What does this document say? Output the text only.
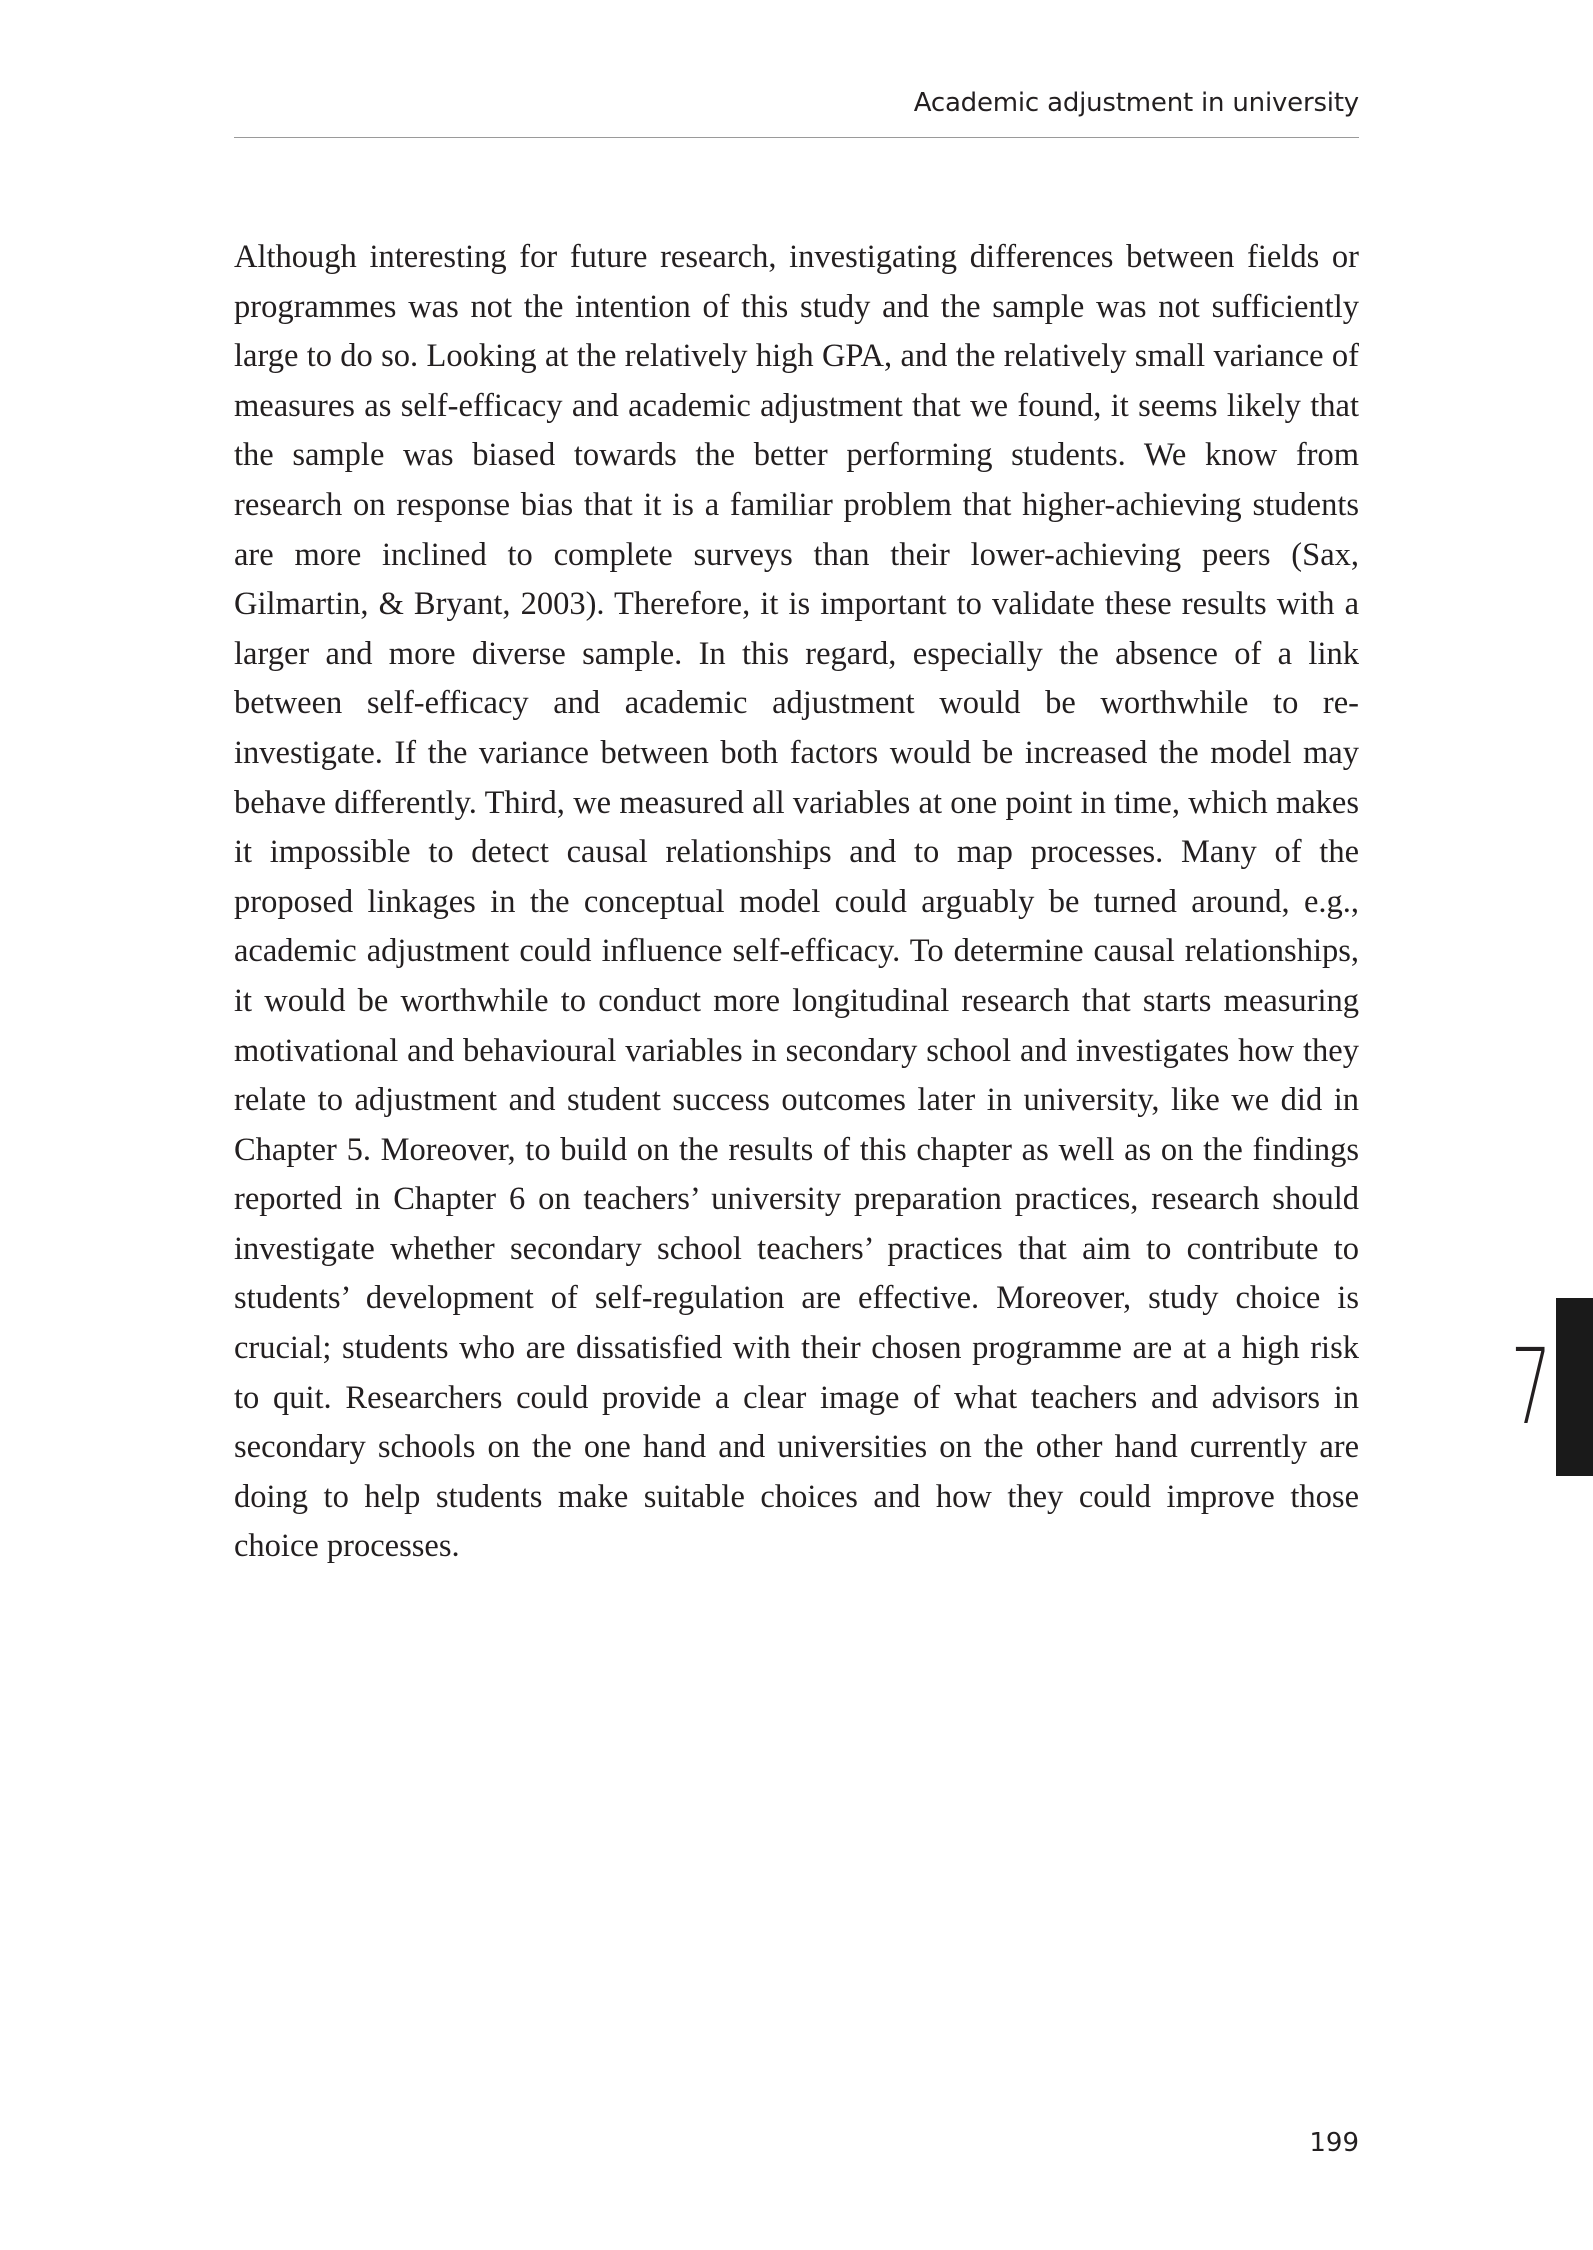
Academic adjustment in university

Although interesting for future research, investigating differences between fields or programmes was not the intention of this study and the sample was not sufficiently large to do so. Looking at the relatively high GPA, and the relatively small variance of measures as self-efficacy and academic adjustment that we found, it seems likely that the sample was biased towards the better performing students. We know from research on response bias that it is a familiar problem that higher-achieving students are more inclined to complete surveys than their lower-achieving peers (Sax, Gilmartin, & Bryant, 2003). Therefore, it is important to validate these results with a larger and more diverse sample. In this regard, especially the absence of a link between self-efficacy and academic adjustment would be worthwhile to re-investigate. If the variance between both factors would be increased the model may behave differently. Third, we measured all variables at one point in time, which makes it impossible to detect causal relationships and to map processes. Many of the proposed linkages in the conceptual model could arguably be turned around, e.g., academic adjustment could influence self-efficacy. To determine causal relationships, it would be worthwhile to conduct more longitudinal research that starts measuring motivational and behavioural variables in secondary school and investigates how they relate to adjustment and student success outcomes later in university, like we did in Chapter 5. Moreover, to build on the results of this chapter as well as on the findings reported in Chapter 6 on teachers’ university preparation practices, research should investigate whether secondary school teachers’ practices that aim to contribute to students’ development of self-regulation are effective. Moreover, study choice is crucial; students who are dissatisfied with their chosen programme are at a high risk to quit. Researchers could provide a clear image of what teachers and advisors in secondary schools on the one hand and universities on the other hand currently are doing to help students make suitable choices and how they could improve those choice processes.

7
199
